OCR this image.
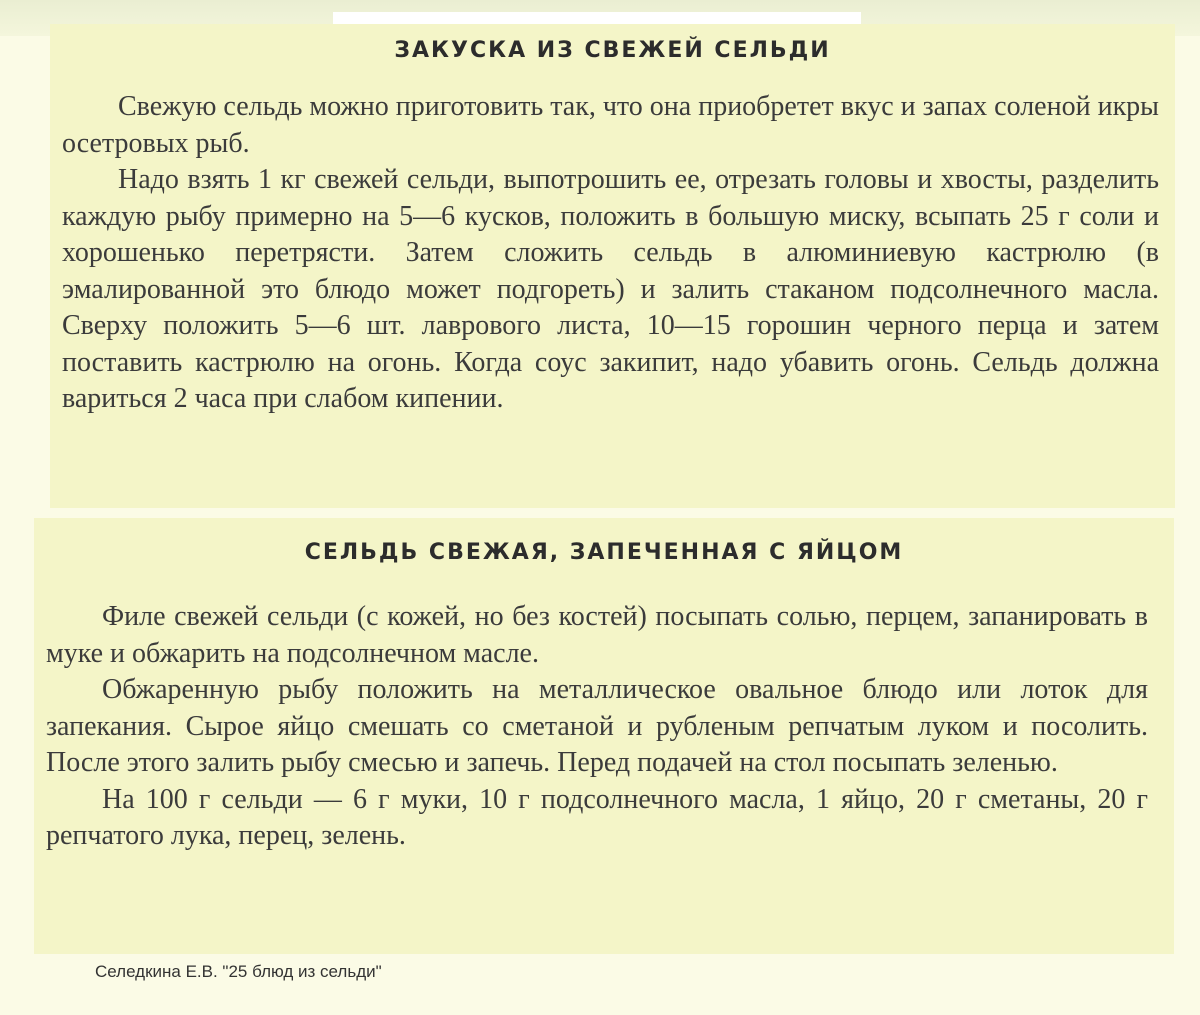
ЗАКУСКА ИЗ СВЕЖЕЙ СЕЛЬДИ

Свежую сельдь можно приготовить так, что она приобретет вкус и запах соленой икры осетровых рыб.

Надо взять 1 кг свежей сельди, выпотрошить ее, отрезать головы и хвосты, разделить каждую рыбу примерно на 5—6 кусков, положить в большую миску, всыпать 25 г соли и хорошенько перетрясти. Затем сложить сельдь в алюминиевую кастрюлю (в эмалированной это блюдо может подгореть) и залить стаканом подсолнечного масла. Сверху положить 5—6 шт. лаврового листа, 10—15 горошин черного перца и затем поставить кастрюлю на огонь. Когда соус закипит, надо убавить огонь. Сельдь должна вариться 2 часа при слабом кипении.

СЕЛЬДЬ СВЕЖАЯ, ЗАПЕЧЕННАЯ С ЯЙЦОМ

Филе свежей сельди (с кожей, но без костей) посыпать солью, перцем, запанировать в муке и обжарить на подсолнечном масле.

Обжаренную рыбу положить на металлическое овальное блюдо или лоток для запекания. Сырое яйцо смешать со сметаной и рубленым репчатым луком и посолить. После этого залить рыбу смесью и запечь. Перед подачей на стол посыпать зеленью.

На 100 г сельди — 6 г муки, 10 г подсолнечного масла, 1 яйцо, 20 г сметаны, 20 г репчатого лука, перец, зелень.

Селедкина Е.В. "25 блюд из сельди"
